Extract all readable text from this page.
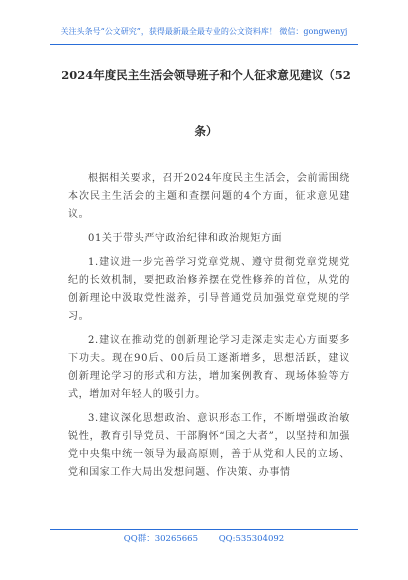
关注头条号“公文研究”，获得最新最全最专业的公文资料库！ 微信：gongwenyj
2024年度民主生活会领导班子和个人征求意见建议（52
条）

根据相关要求，召开2024年度民主生活会，会前需围绕本次民主生活会的主题和查摆问题的4个方面，征求意见建议。

01关于带头严守政治纪律和政治规矩方面

1.建议进一步完善学习党章党规、遵守贯彻党章党规党纪的长效机制，要把政治修养摆在党性修养的首位，从党的创新理论中汲取党性滋养，引导普通党员加强党章党规的学习。

2.建议在推动党的创新理论学习走深走实走心方面要多下功夫。现在90后、00后员工逐渐增多，思想活跃，建议创新理论学习的形式和方法，增加案例教育、现场体验等方式，增加对年轻人的吸引力。

3.建议深化思想政治、意识形态工作，不断增强政治敏锐性，教育引导党员、干部胸怀“国之大者”，以坚持和加强党中央集中统一领导为最高原则，善于从党和人民的立场、党和国家工作大局出发想问题、作决策、办事情

QQ群：30265665 QQ:535304092
